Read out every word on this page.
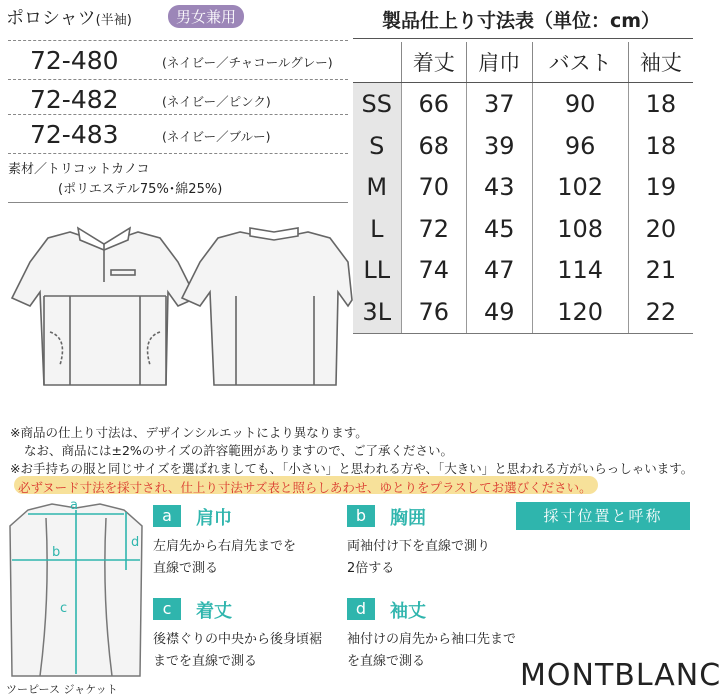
ポロシャツ(半袖)	男女兼用
72-480	(ネイビー／チャコールグレー)
72-482	(ネイビー／ピンク)
72-483	(ネイビー／ブルー)
素材／トリコットカノコ
(ポリエステル75%･綿25%)
製品仕上り寸法表（単位：cm）
	着丈	肩巾	バスト	袖丈
SS	66	37	90	18
S	68	39	96	18
M	70	43	102	19
L	72	45	108	20
LL	74	47	114	21
3L	76	49	120	22
※商品の仕上り寸法は、デザインシルエットにより異なります。
なお、商品には±2%のサイズの許容範囲がありますので、ご了承ください。
※お手持ちの服と同じサイズを選ばれましても、「小さい」と思われる方や、「大きい」と思われる方がいらっしゃいます。
必ずヌード寸法を採寸され、仕上り寸法サズ表と照らしあわせ、ゆとりをプラスしてお選びください。
a
b
c
d
a	肩巾
左肩先から右肩先までを
直線で測る
b	胸囲
両袖付け下を直線で測り
2倍する
c	着丈
後襟ぐりの中央から後身頃裾
までを直線で測る
d	袖丈
袖付けの肩先から袖口先まで
を直線で測る
採寸位置と呼称
MONTBLANC
ツーピース ジャケット
